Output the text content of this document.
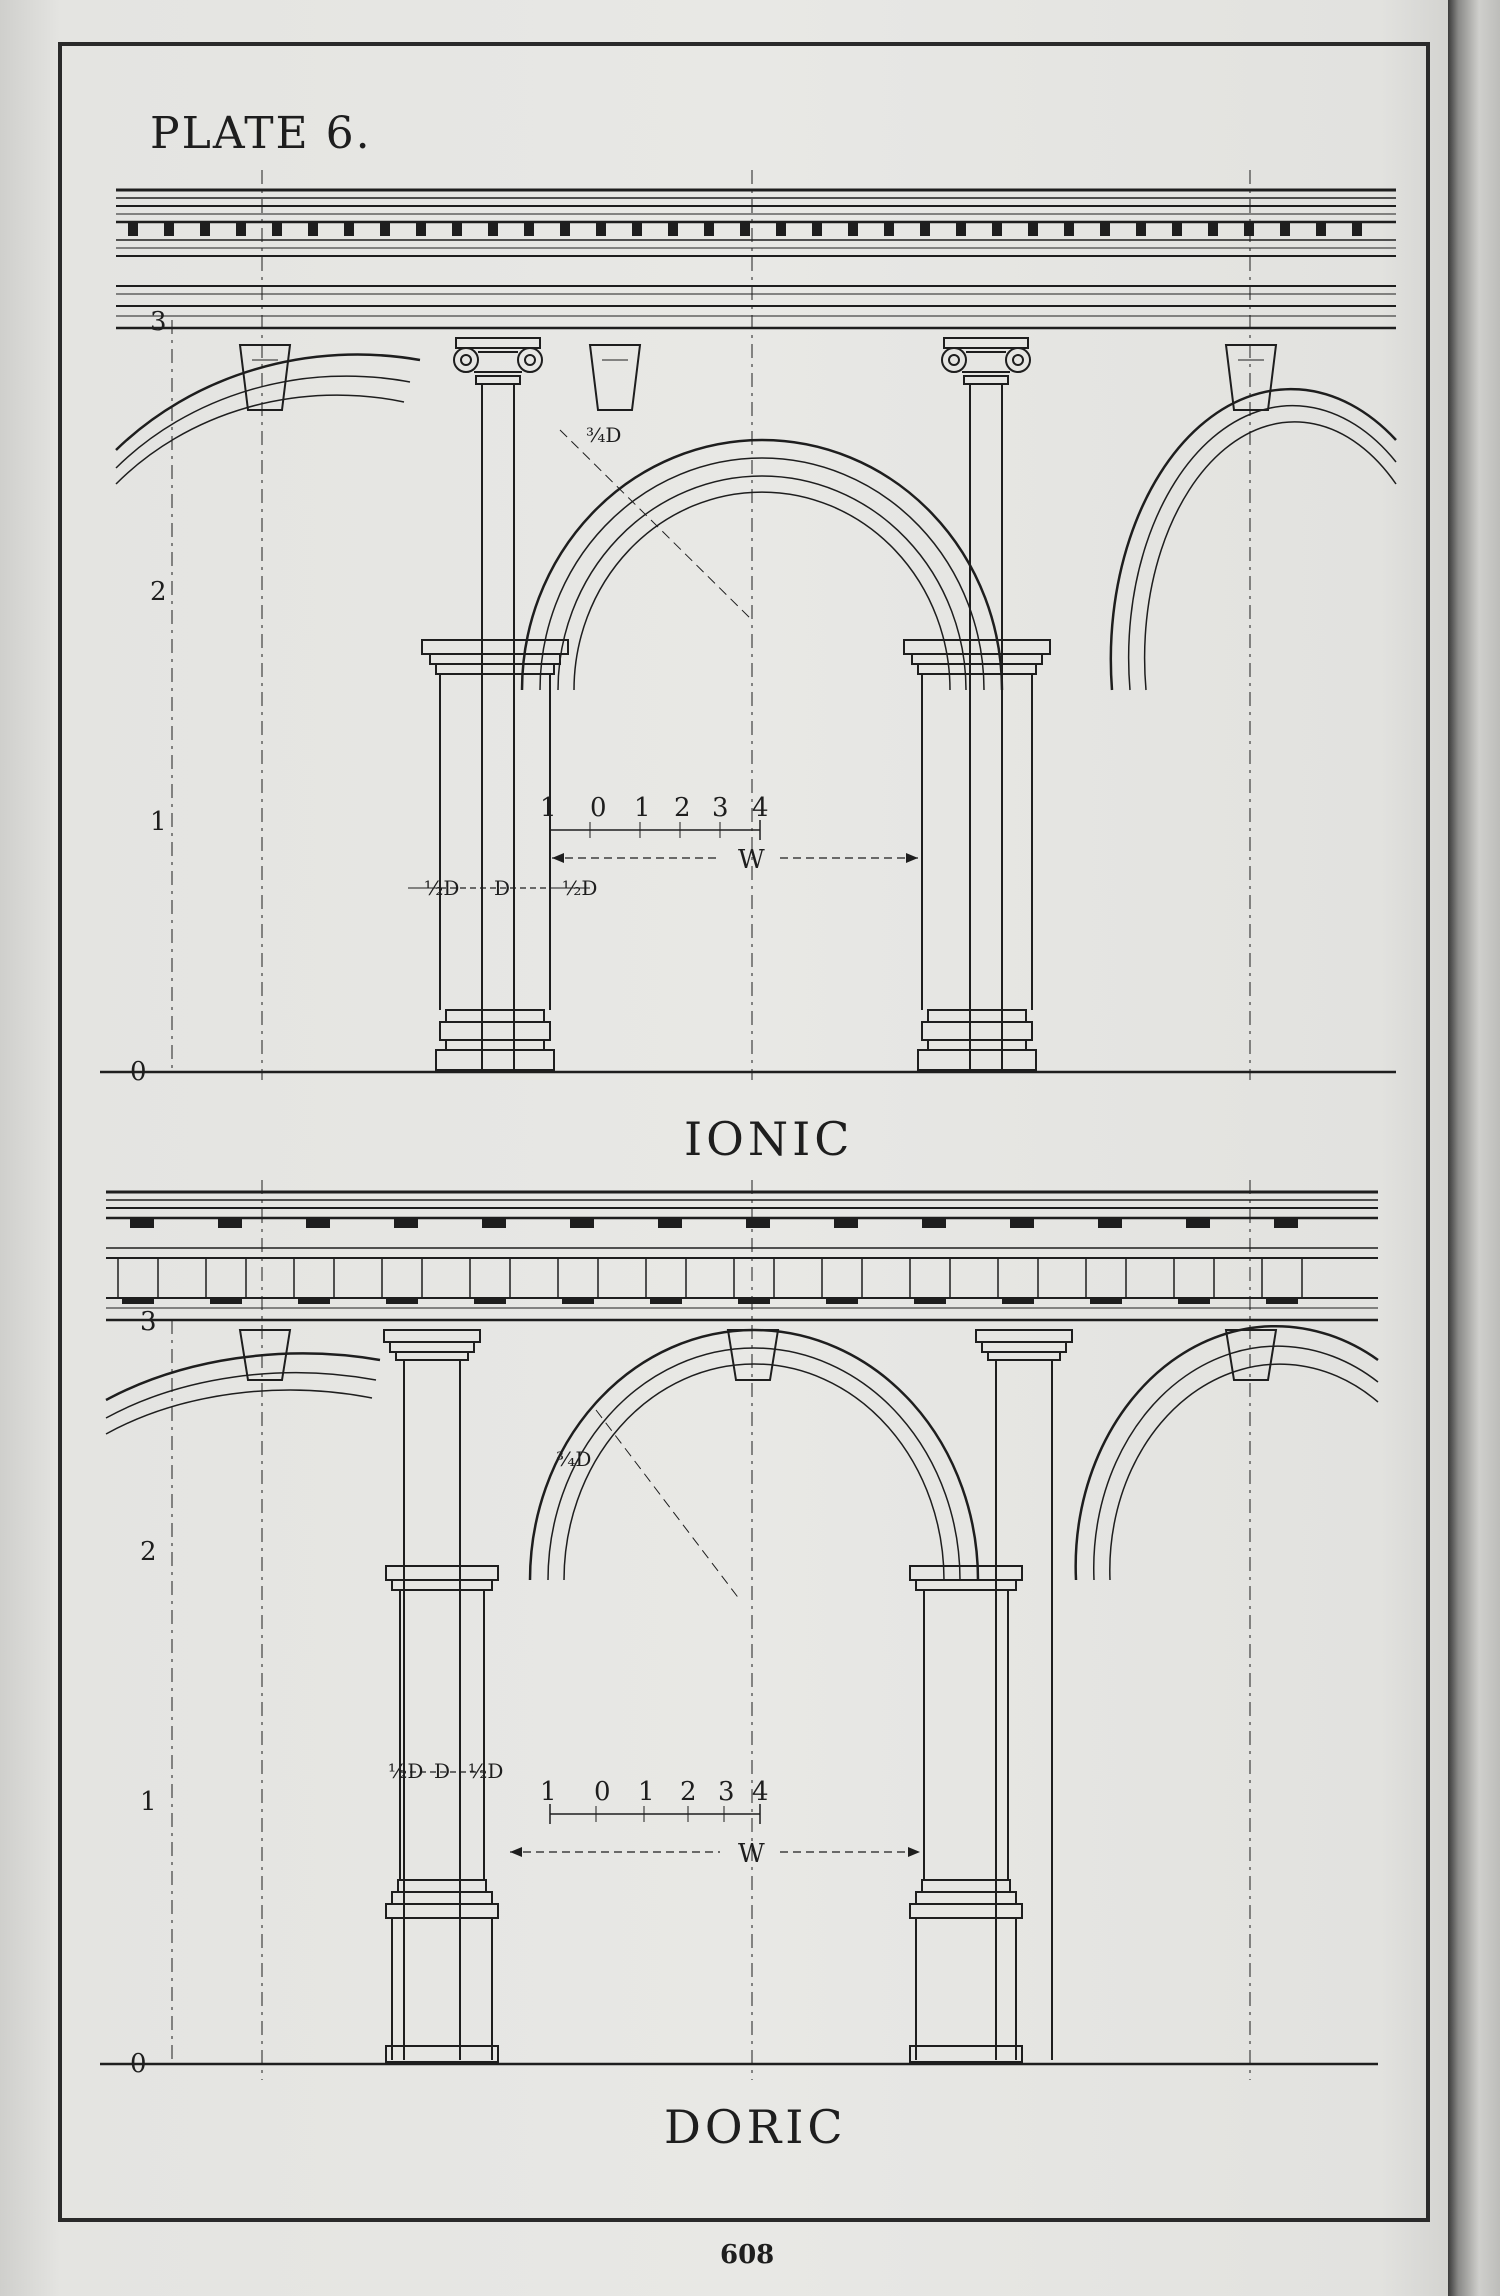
PLATE 6.
3
2
1
0
1 0 1 2 3 4
W
½D D	½D
¾D
3
2
1
0
1 0 1 2 3 4
W
½D D ½D
¾D
IONIC
DORIC
608
